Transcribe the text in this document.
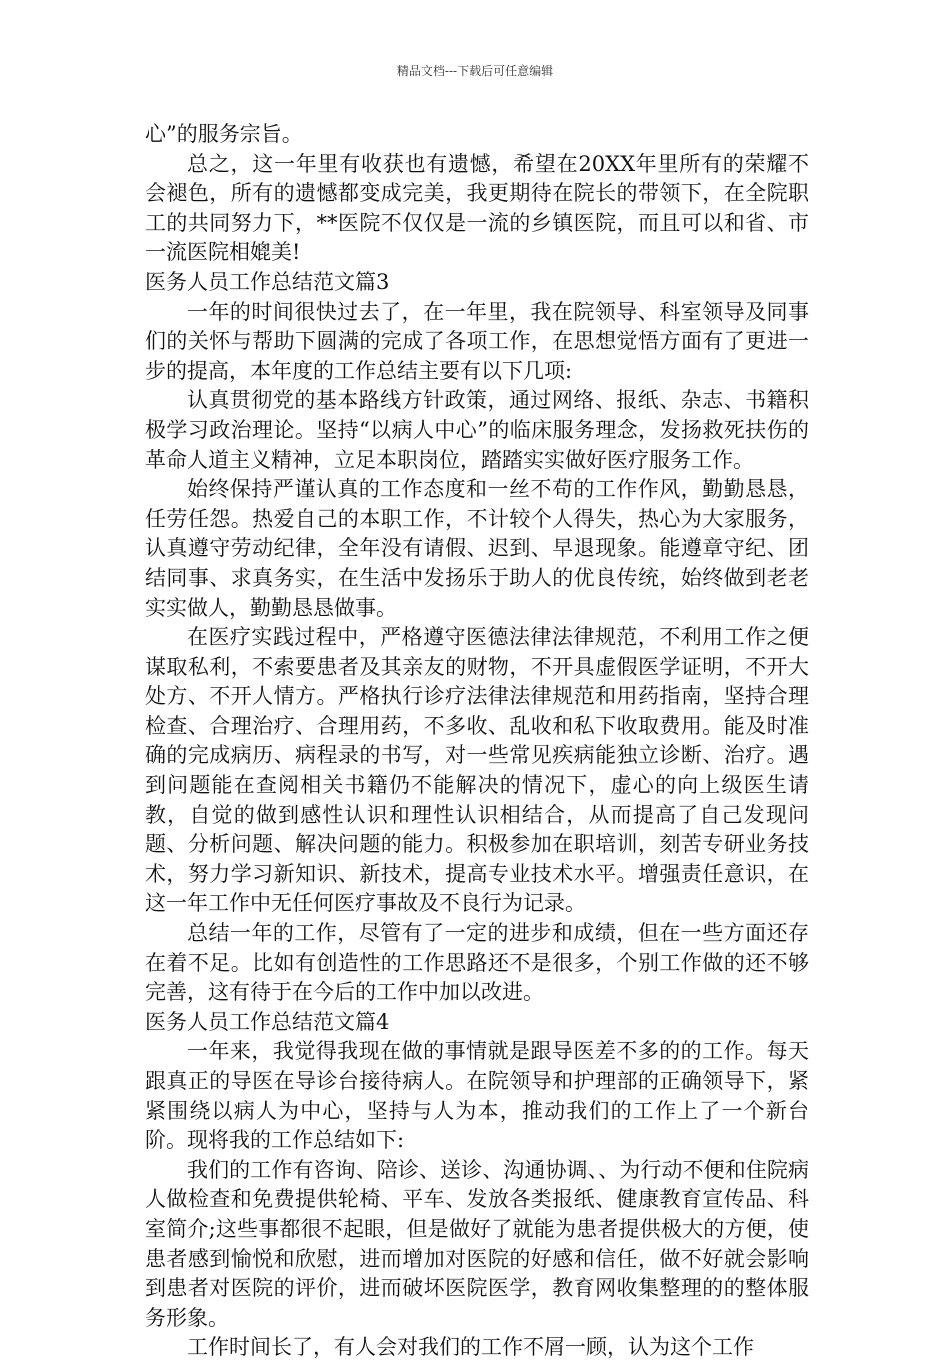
精品文档---下载后可任意编辑

心”的服务宗旨。

总之，这一年里有收获也有遗憾，希望在20XX年里所有的荣耀不会褪色，所有的遗憾都变成完美，我更期待在院长的带领下，在全院职工的共同努力下，**医院不仅仅是一流的乡镇医院，而且可以和省、市一流医院相媲美!

医务人员工作总结范文篇3

一年的时间很快过去了，在一年里，我在院领导、科室领导及同事们的关怀与帮助下圆满的完成了各项工作，在思想觉悟方面有了更进一步的提高，本年度的工作总结主要有以下几项:

认真贯彻党的基本路线方针政策，通过网络、报纸、杂志、书籍积极学习政治理论。坚持“以病人中心”的临床服务理念，发扬救死扶伤的革命人道主义精神，立足本职岗位，踏踏实实做好医疗服务工作。

始终保持严谨认真的工作态度和一丝不苟的工作作风，勤勤恳恳，任劳任怨。热爱自己的本职工作，不计较个人得失，热心为大家服务，认真遵守劳动纪律，全年没有请假、迟到、早退现象。能遵章守纪、团结同事、求真务实，在生活中发扬乐于助人的优良传统，始终做到老老实实做人，勤勤恳恳做事。

在医疗实践过程中，严格遵守医德法律法律规范，不利用工作之便谋取私利，不索要患者及其亲友的财物，不开具虚假医学证明，不开大处方、不开人情方。严格执行诊疗法律法律规范和用药指南，坚持合理检查、合理治疗、合理用药，不多收、乱收和私下收取费用。能及时准确的完成病历、病程录的书写，对一些常见疾病能独立诊断、治疗。遇到问题能在查阅相关书籍仍不能解决的情况下，虚心的向上级医生请教，自觉的做到感性认识和理性认识相结合，从而提高了自己发现问题、分析问题、解决问题的能力。积极参加在职培训，刻苦专研业务技术，努力学习新知识、新技术，提高专业技术水平。增强责任意识，在这一年工作中无任何医疗事故及不良行为记录。

总结一年的工作，尽管有了一定的进步和成绩，但在一些方面还存在着不足。比如有创造性的工作思路还不是很多，个别工作做的还不够完善，这有待于在今后的工作中加以改进。

医务人员工作总结范文篇4

一年来，我觉得我现在做的事情就是跟导医差不多的的工作。每天跟真正的导医在导诊台接待病人。在院领导和护理部的正确领导下，紧紧围绕以病人为中心，坚持与人为本，推动我们的工作上了一个新台阶。现将我的工作总结如下:

我们的工作有咨询、陪诊、送诊、沟通协调、、为行动不便和住院病人做检查和免费提供轮椅、平车、发放各类报纸、健康教育宣传品、科室简介;这些事都很不起眼，但是做好了就能为患者提供极大的方便，使患者感到愉悦和欣慰，进而增加对医院的好感和信任，做不好就会影响到患者对医院的评价，进而破坏医院医学，教育网收集整理的的整体服务形象。

工作时间长了，有人会对我们的工作不屑一顾，认为这个工作
